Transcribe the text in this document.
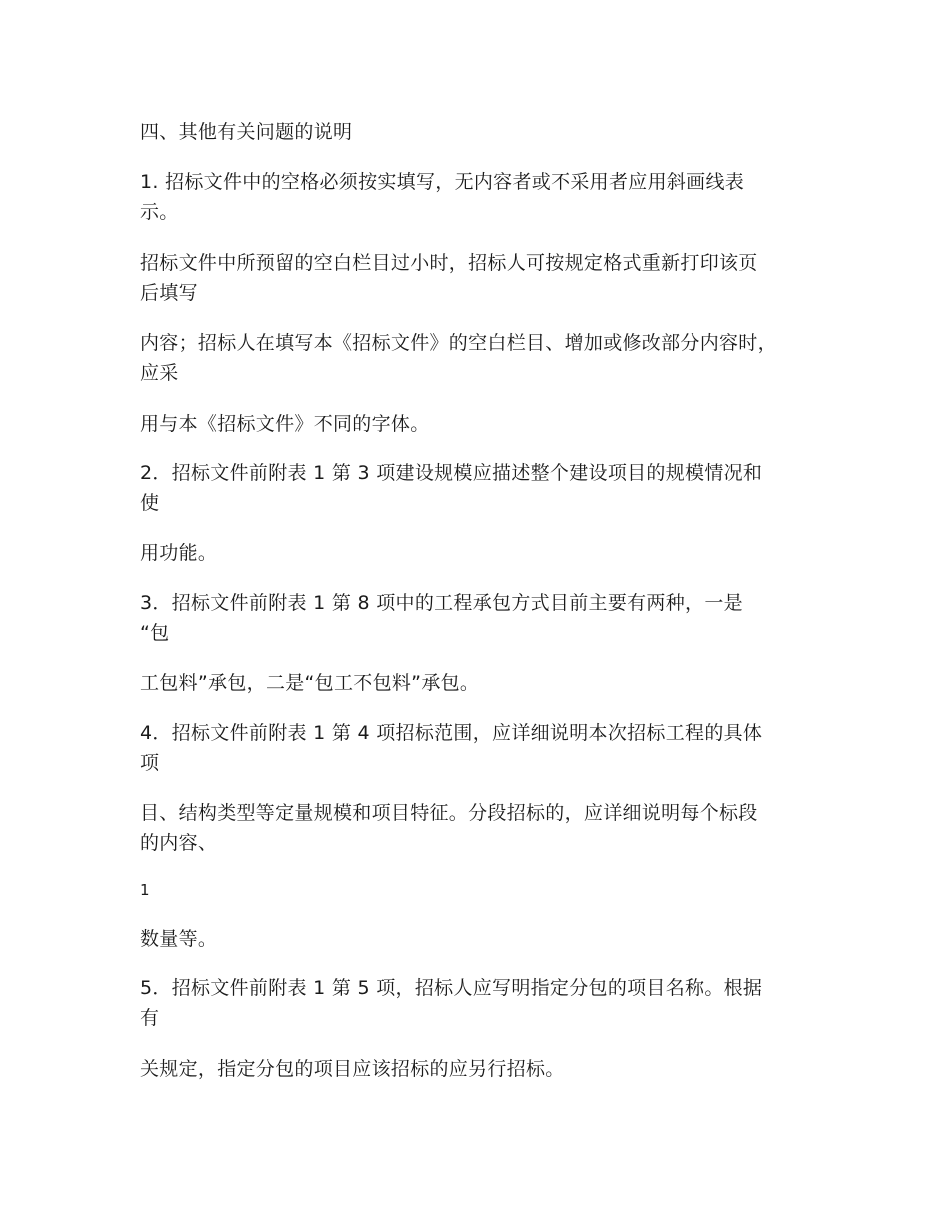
四、其他有关问题的说明
1. 招标文件中的空格必须按实填写，无内容者或不采用者应用斜画线表
示。
招标文件中所预留的空白栏目过小时，招标人可按规定格式重新打印该页
后填写
内容；招标人在填写本《招标文件》的空白栏目、增加或修改部分内容时，
应采
用与本《招标文件》不同的字体。
2．招标文件前附表 1 第 3 项建设规模应描述整个建设项目的规模情况和
使
用功能。
3．招标文件前附表 1 第 8 项中的工程承包方式目前主要有两种，一是
“包
工包料”承包，二是“包工不包料”承包。
4．招标文件前附表 1 第 4 项招标范围，应详细说明本次招标工程的具体
项
目、结构类型等定量规模和项目特征。分段招标的，应详细说明每个标段
的内容、
1
数量等。
5．招标文件前附表 1 第 5 项，招标人应写明指定分包的项目名称。根据
有
关规定，指定分包的项目应该招标的应另行招标。
